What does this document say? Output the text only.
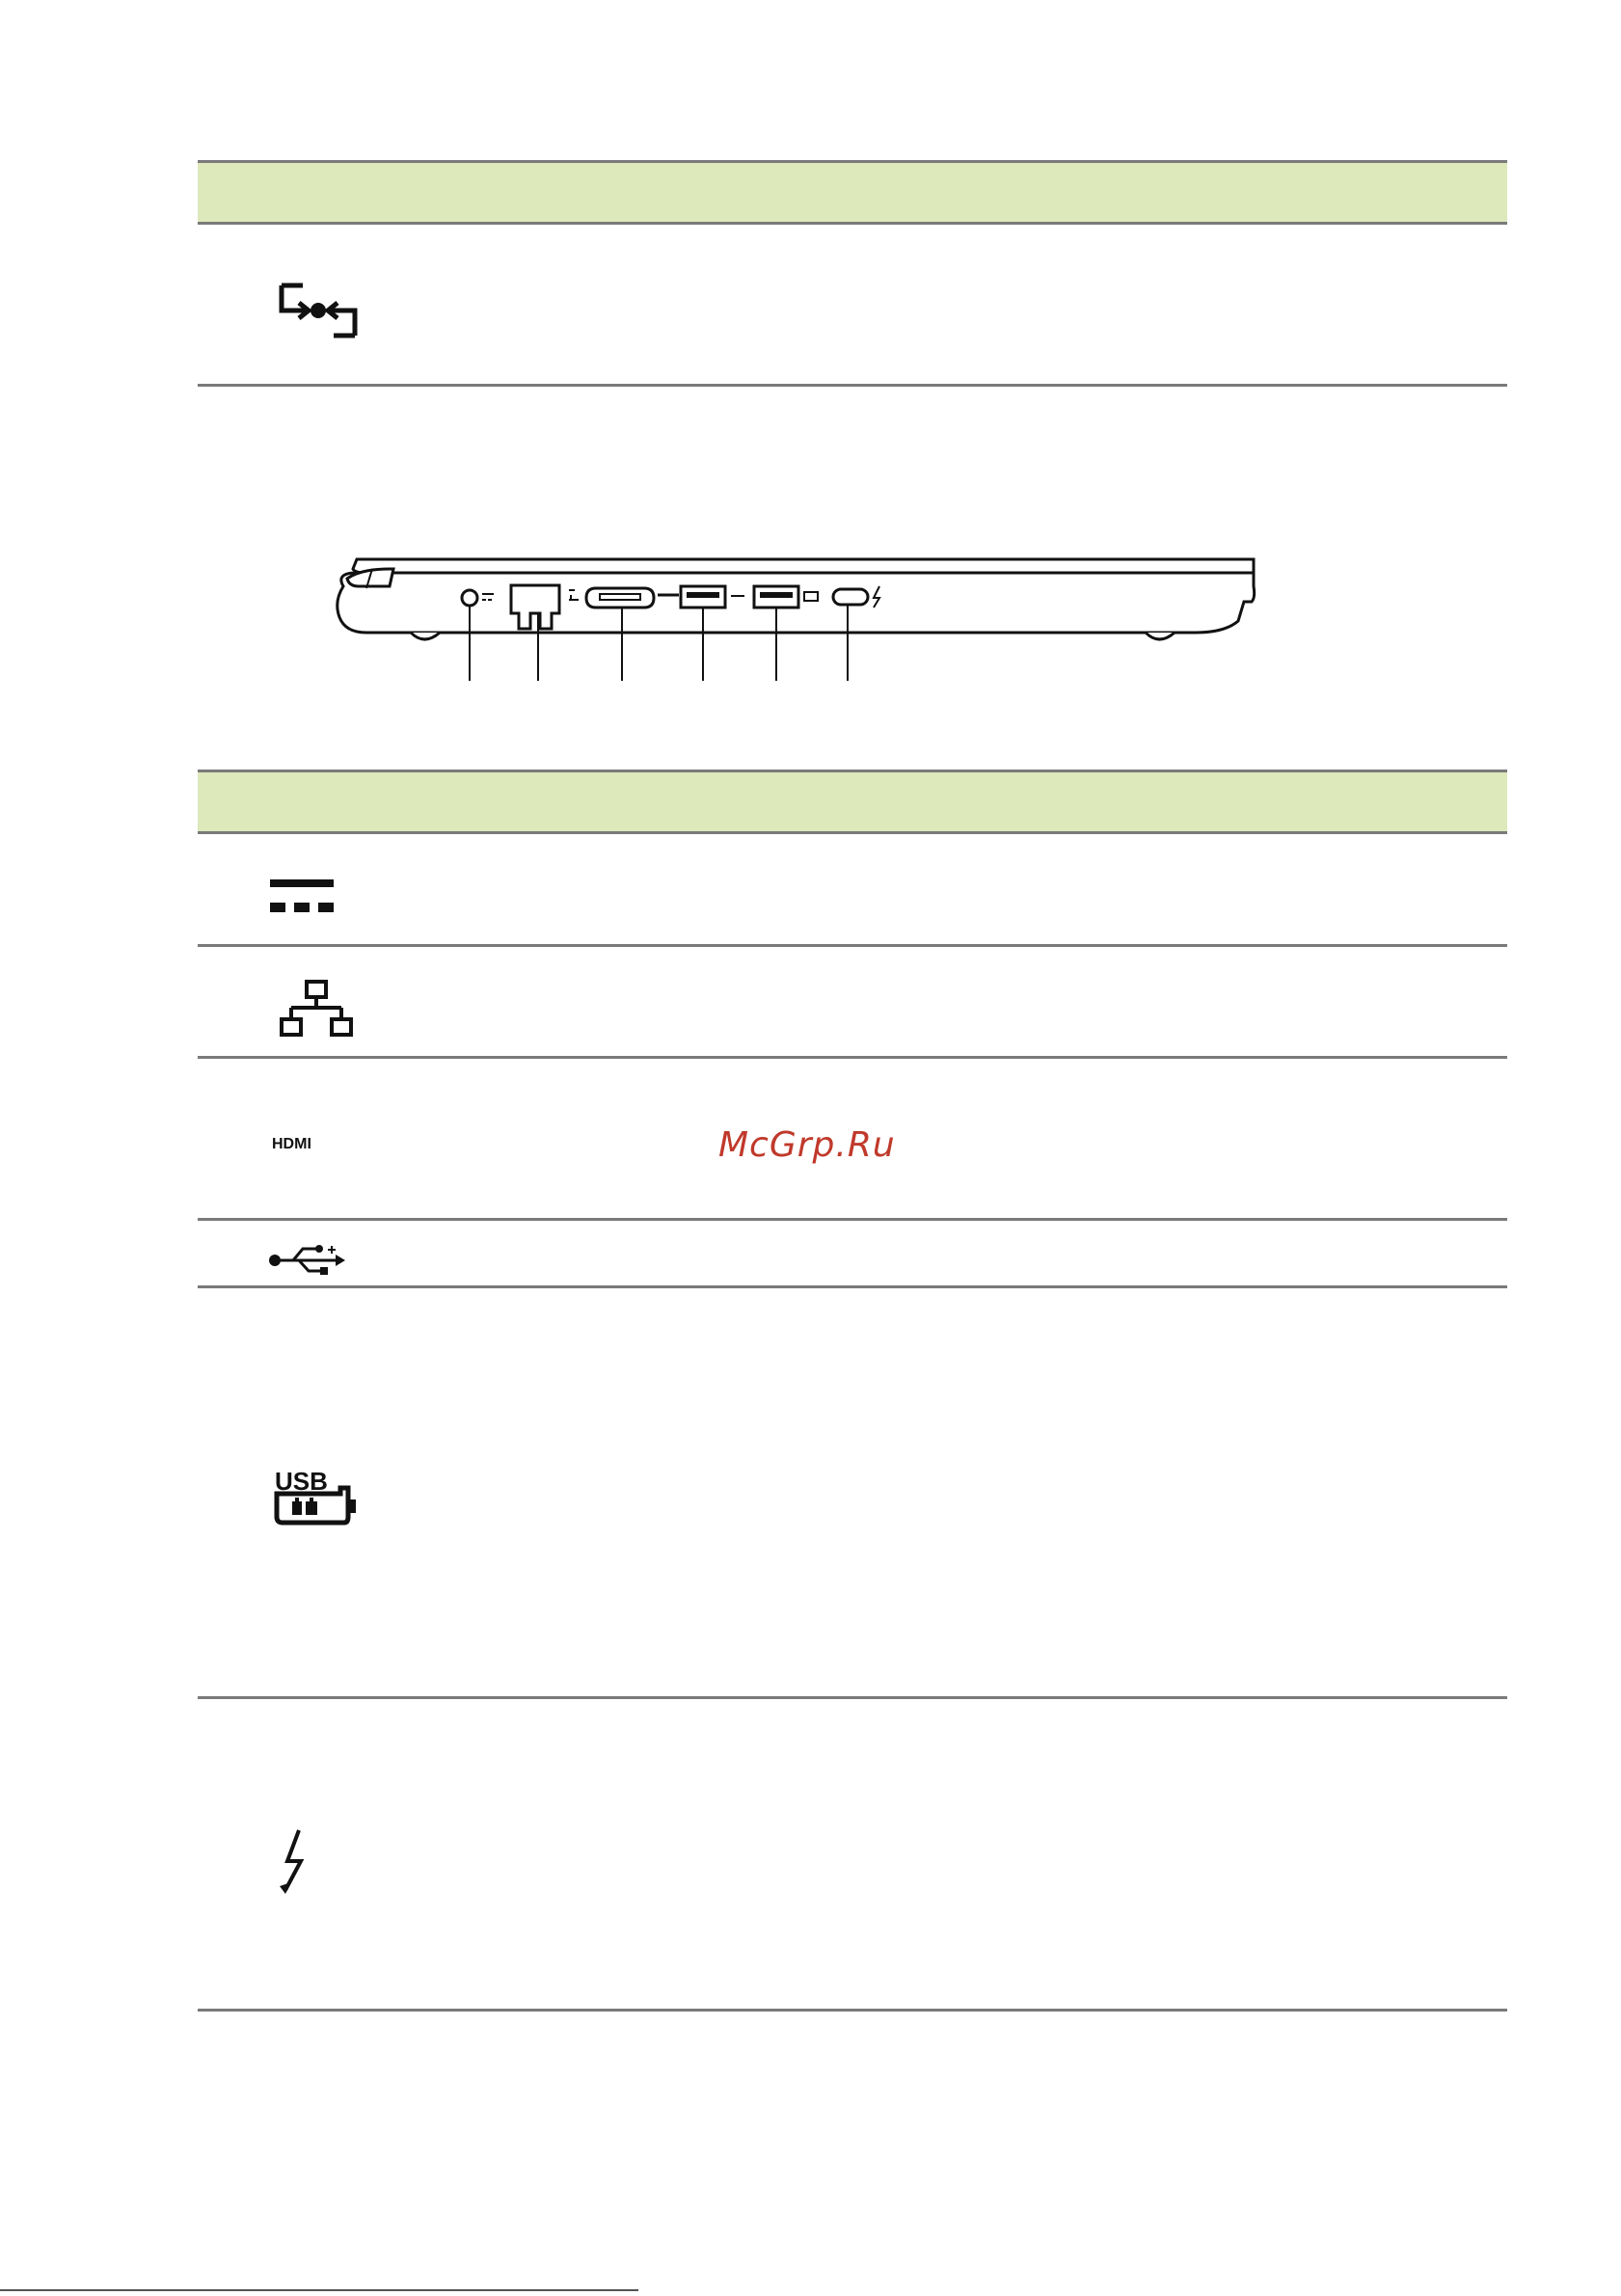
HDMI	McGrp.Ru
USB
